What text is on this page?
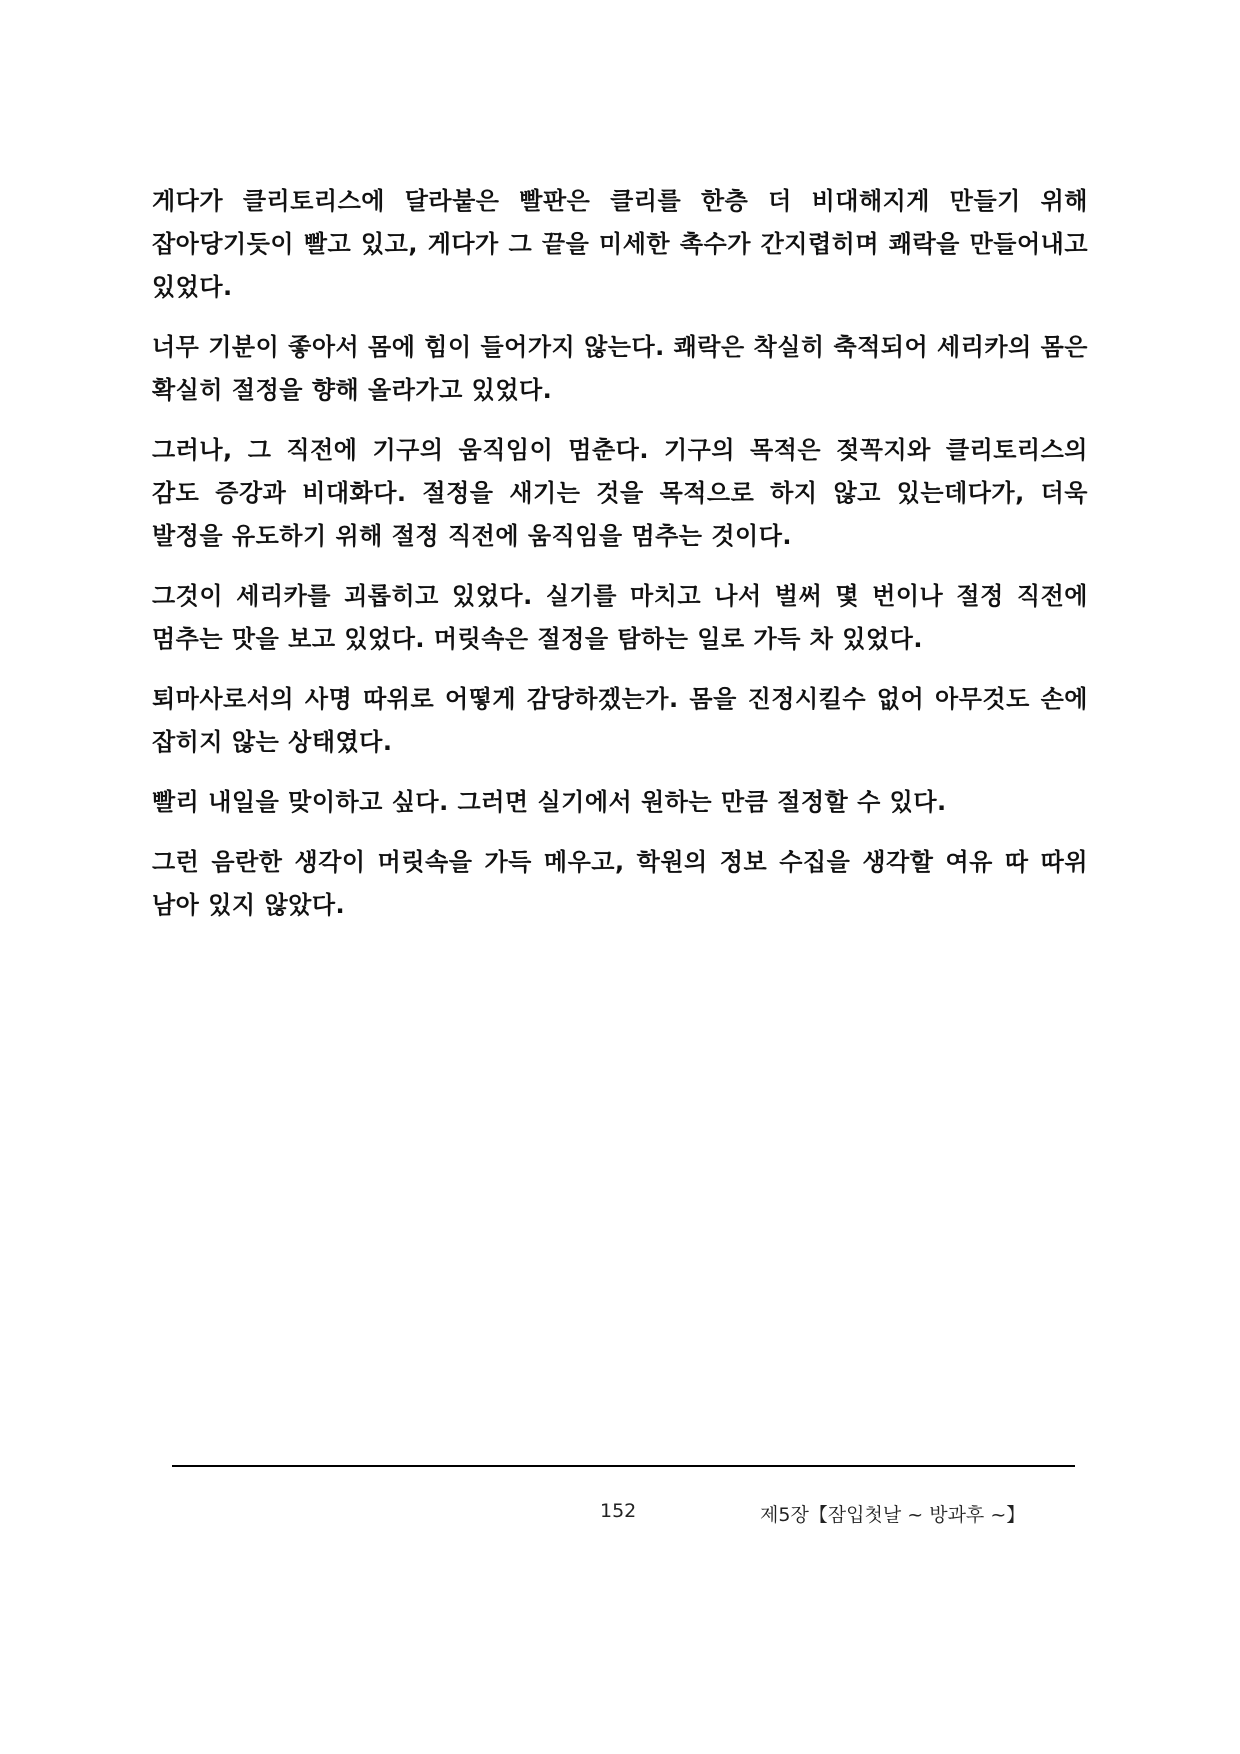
게다가 클리토리스에 달라붙은 빨판은 클리를 한층 더 비대해지게 만들기 위해 잡아당기듯이 빨고 있고, 게다가 그 끝을 미세한 촉수가 간지렵히며 쾌락을 만들어내고 있었다.

너무 기분이 좋아서 몸에 힘이 들어가지 않는다. 쾌락은 착실히 축적되어 세리카의 몸은 확실히 절정을 향해 올라가고 있었다.

그러나, 그 직전에 기구의 움직임이 멈춘다. 기구의 목적은 젖꼭지와 클리토리스의 감도 증강과 비대화다. 절정을 새기는 것을 목적으로 하지 않고 있는데다가, 더욱 발정을 유도하기 위해 절정 직전에 움직임을 멈추는 것이다.

그것이 세리카를 괴롭히고 있었다. 실기를 마치고 나서 벌써 몇 번이나 절정 직전에 멈추는 맛을 보고 있었다. 머릿속은 절정을 탐하는 일로 가득 차 있었다.

퇴마사로서의 사명 따위로 어떻게 감당하겠는가. 몸을 진정시킬수 없어 아무것도 손에 잡히지 않는 상태였다.

빨리 내일을 맞이하고 싶다. 그러면 실기에서 원하는 만큼 절정할 수 있다.

그런 음란한 생각이 머릿속을 가득 메우고, 학원의 정보 수집을 생각할 여유 따 따위 남아 있지 않았다.

152	제5장【잠입첫날 ~ 방과후 ~】
